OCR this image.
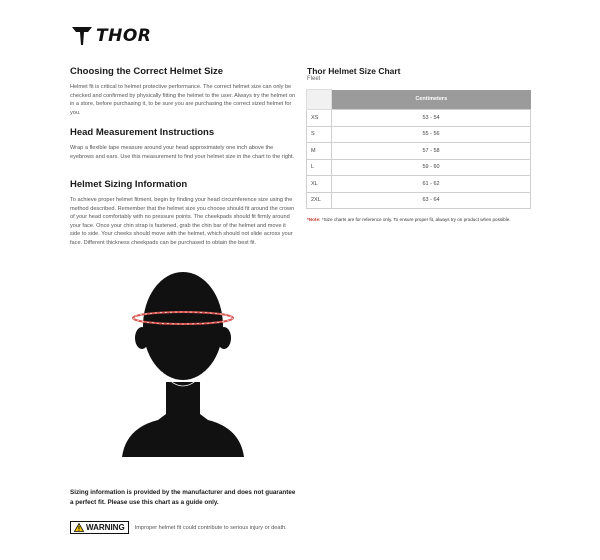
THOR
Choosing the Correct Helmet Size

Helmet fit is critical to helmet protective performance. The correct helmet size can only be checked and confirmed by physically fitting the helmet to the user. Always try the helmet on in a store, before purchasing it, to be sure you are purchasing the correct sized helmet for you.

Head Measurement Instructions

Wrap a flexible tape measure around your head approximately one inch above the eyebrows and ears. Use this measurement to find your helmet size in the chart to the right.

Helmet Sizing Information

To achieve proper helmet fitment, begin by finding your head circumference size using the method described. Remember that the helmet size you choose should fit around the crown of your head comfortably with no pressure points. The cheekpads should fit firmly around your face. Once your chin strap is fastened, grab the chin bar of the helmet and move it side to side. Your cheeks should move with the helmet, which should not slide across your face. Different thickness cheekpads can be purchased to obtain the best fit.

Thor Helmet Size Chart
Fleet
	Centimeters
XS	53 - 54
S	55 - 56
M	57 - 58
L	59 - 60
XL	61 - 62
2XL	63 - 64
*Note: *Size charts are for reference only. To ensure proper fit, always try on product when possible.
Sizing information is provided by the manufacturer and does not guarantee a perfect fit. Please use this chart as a guide only.
WARNING Improper helmet fit could contribute to serious injury or death.
